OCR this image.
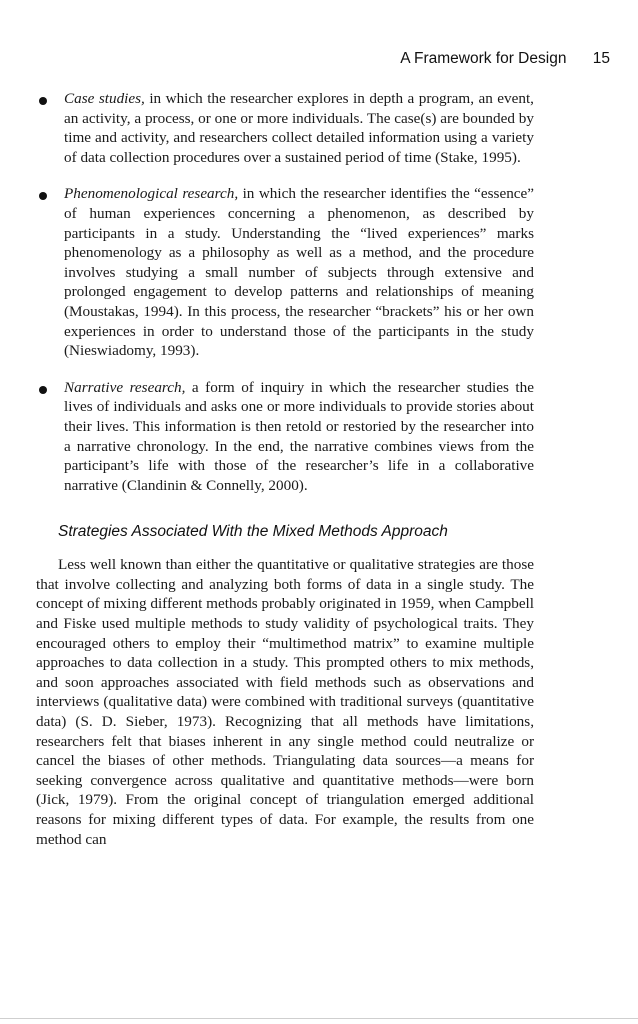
A Framework for Design 15

Case studies, in which the researcher explores in depth a program, an event, an activity, a process, or one or more individuals. The case(s) are bounded by time and activity, and researchers collect detailed information using a variety of data collection procedures over a sustained period of time (Stake, 1995).

Phenomenological research, in which the researcher identifies the “essence” of human experiences concerning a phenomenon, as described by participants in a study. Understanding the “lived experiences” marks phenomenology as a philosophy as well as a method, and the procedure involves studying a small number of subjects through extensive and prolonged engagement to develop patterns and relationships of meaning (Moustakas, 1994). In this process, the researcher “brackets” his or her own experiences in order to understand those of the participants in the study (Nieswiadomy, 1993).

Narrative research, a form of inquiry in which the researcher studies the lives of individuals and asks one or more individuals to provide stories about their lives. This information is then retold or restoried by the researcher into a narrative chronology. In the end, the narrative combines views from the participant’s life with those of the researcher’s life in a collaborative narrative (Clandinin & Connelly, 2000).

Strategies Associated With the Mixed Methods Approach

Less well known than either the quantitative or qualitative strategies are those that involve collecting and analyzing both forms of data in a single study. The concept of mixing different methods probably originated in 1959, when Campbell and Fiske used multiple methods to study validity of psychological traits. They encouraged others to employ their “multimethod matrix” to examine multiple approaches to data collection in a study. This prompted others to mix methods, and soon approaches associated with field methods such as observations and interviews (qualitative data) were combined with traditional surveys (quantitative data) (S. D. Sieber, 1973). Recognizing that all methods have limitations, researchers felt that biases inherent in any single method could neutralize or cancel the biases of other methods. Triangulating data sources—a means for seeking convergence across qualitative and quantitative methods—were born (Jick, 1979). From the original concept of triangulation emerged additional reasons for mixing different types of data. For example, the results from one method can
